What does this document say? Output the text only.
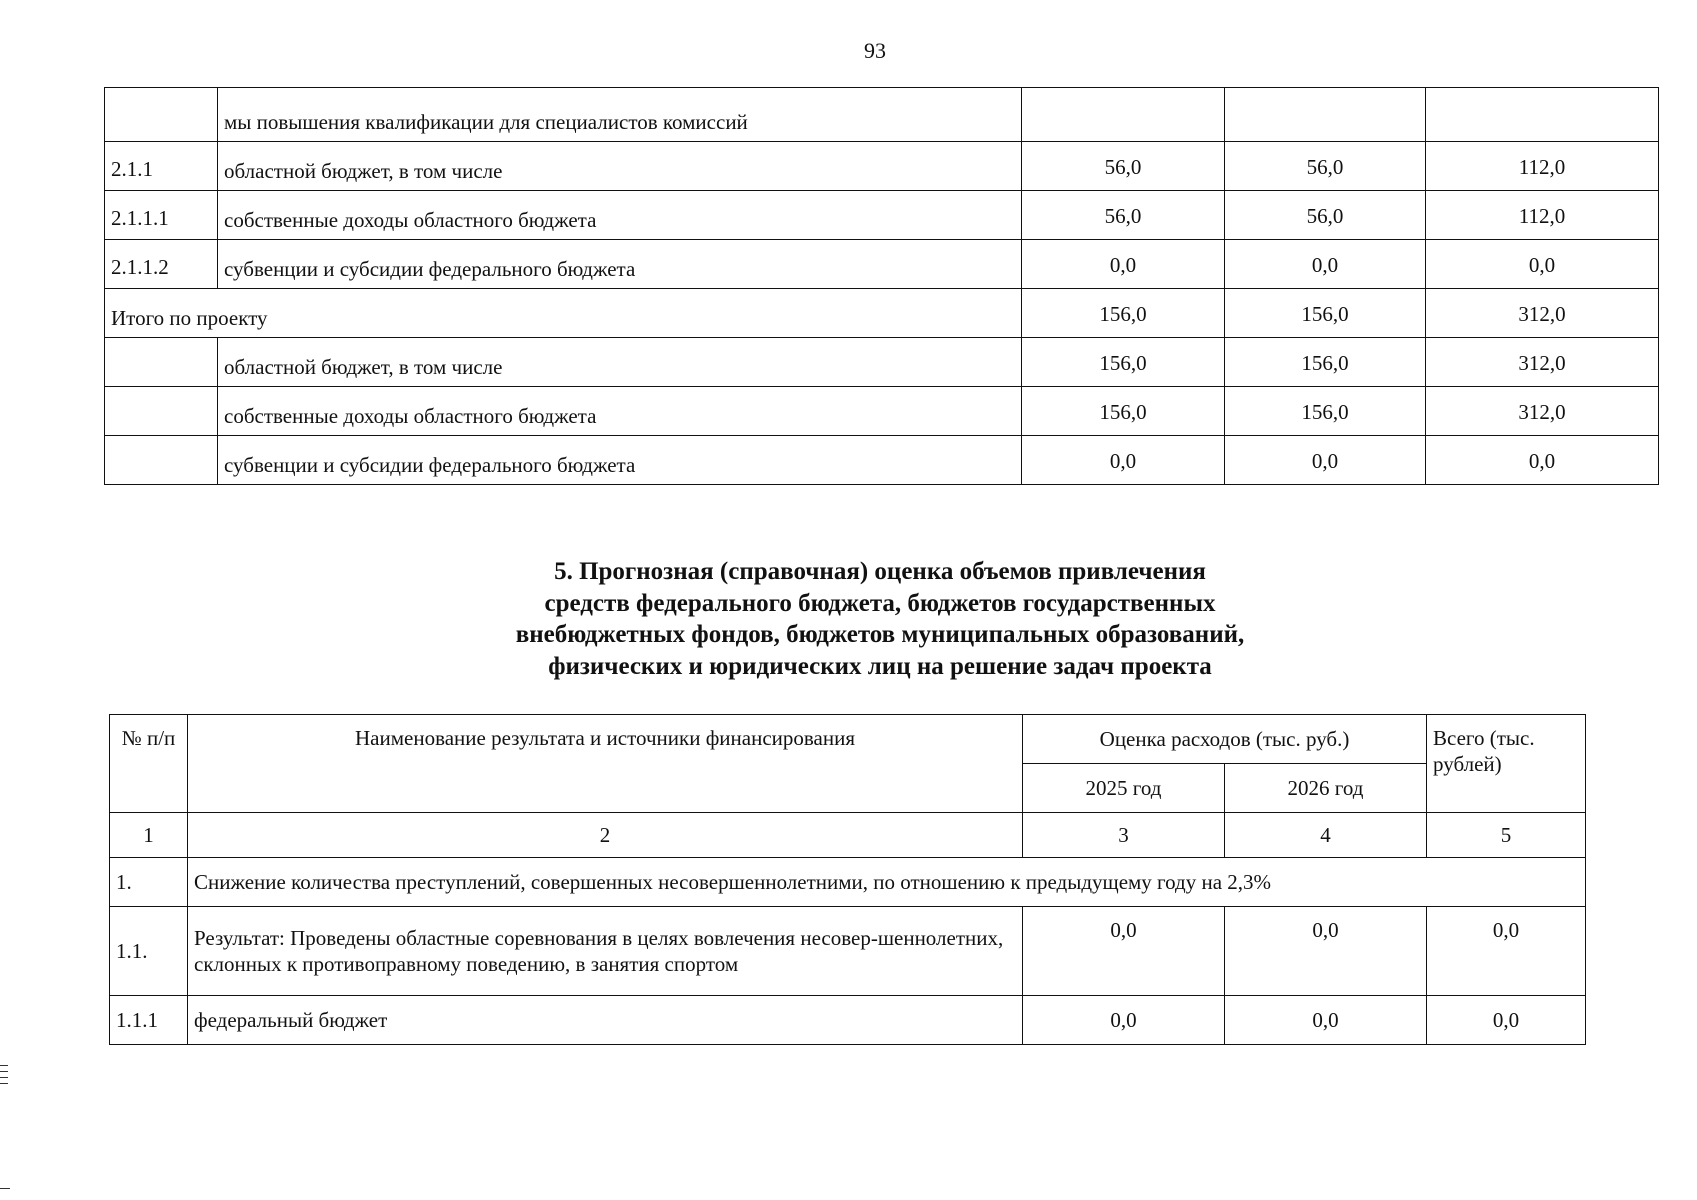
93
	мы повышения квалификации для специалистов комиссий			
2.1.1	областной бюджет, в том числе	56,0	56,0	112,0
2.1.1.1	собственные доходы областного бюджета	56,0	56,0	112,0
2.1.1.2	субвенции и субсидии федерального бюджета	0,0	0,0	0,0
Итого по проекту		156,0	156,0	312,0
	областной бюджет, в том числе	156,0	156,0	312,0
	собственные доходы областного бюджета	156,0	156,0	312,0
	субвенции и субсидии федерального бюджета	0,0	0,0	0,0
5. Прогнозная (справочная) оценка объемов привлечения
средств федерального бюджета, бюджетов государственных
внебюджетных фондов, бюджетов муниципальных образований,
физических и юридических лиц на решение задач проекта
№ п/п	Наименование результата и источники финансирования	Оценка расходов (тыс. руб.)		Всего (тыс. рублей)
		2025 год	2026 год	
1	2	3	4	5
1.	Снижение количества преступлений, совершенных несовершеннолетними, по отношению к предыдущему году на 2,3%			
1.1.	Результат: Проведены областные соревнования в целях вовлечения несовер-шеннолетних, склонных к противоправному поведению, в занятия спортом	0,0	0,0	0,0
1.1.1	федеральный бюджет	0,0	0,0	0,0
